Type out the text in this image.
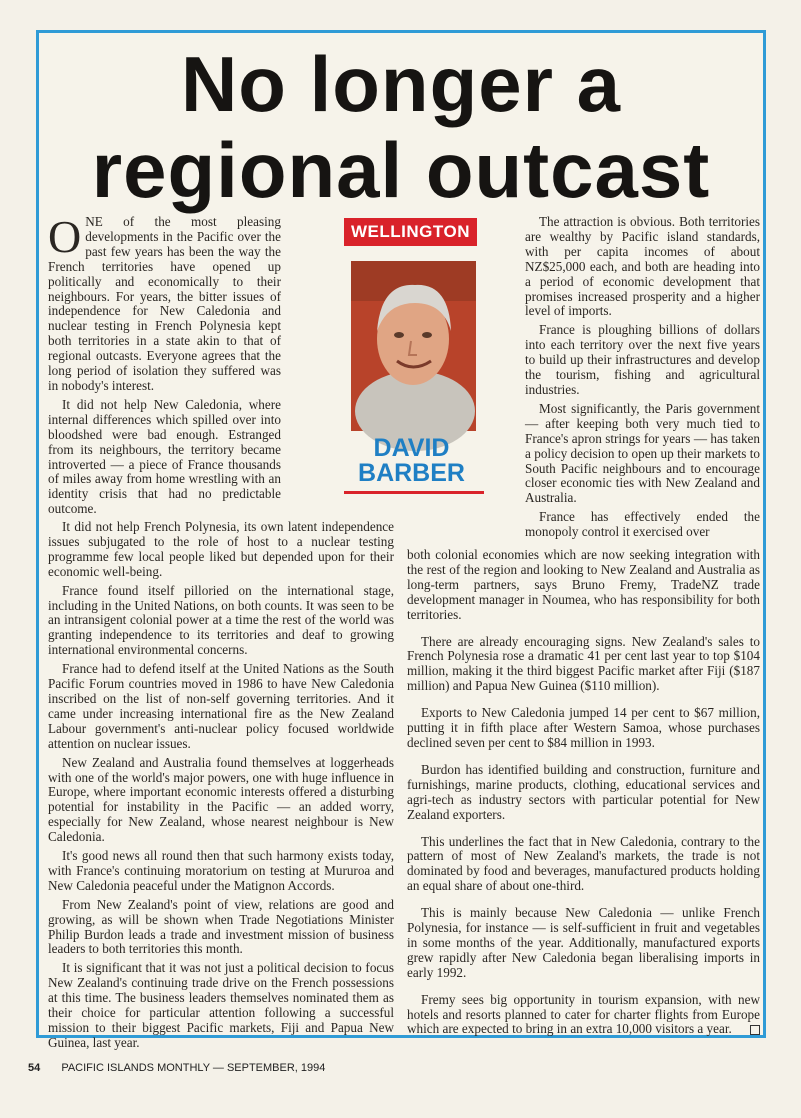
No longer a
regional outcast

ONE of the most pleasing developments in the Pacific over the past few years has been the way the French territories have opened up politically and economically to their neighbours. For years, the bitter issues of independence for New Caledonia and nuclear testing in French Polynesia kept both territories in a state akin to that of regional outcasts. Everyone agrees that the long period of isolation they suffered was in nobody's interest.

It did not help New Caledonia, where internal differences which spilled over into bloodshed were bad enough. Estranged from its neighbours, the territory became introverted — a piece of France thousands of miles away from home wrestling with an identity crisis that had no predictable outcome.

It did not help French Polynesia, its own latent independence issues subjugated to the role of host to a nuclear testing programme few local people liked but depended upon for their economic well-being.

France found itself pilloried on the international stage, including in the United Nations, on both counts. It was seen to be an intransigent colonial power at a time the rest of the world was granting independence to its territories and deaf to growing international environmental concerns.

France had to defend itself at the United Nations as the South Pacific Forum countries moved in 1986 to have New Caledonia inscribed on the list of non-self governing territories. And it came under increasing international fire as the New Zealand Labour government's anti-nuclear policy focused worldwide attention on nuclear issues.

New Zealand and Australia found themselves at loggerheads with one of the world's major powers, one with huge influence in Europe, where important economic interests offered a disturbing potential for instability in the Pacific — an added worry, especially for New Zealand, whose nearest neighbour is New Caledonia.

It's good news all round then that such harmony exists today, with France's continuing moratorium on testing at Mururoa and New Caledonia peaceful under the Matignon Accords.

From New Zealand's point of view, relations are good and growing, as will be shown when Trade Negotiations Minister Philip Burdon leads a trade and investment mission of business leaders to both territories this month.

It is significant that it was not just a political decision to focus New Zealand's continuing trade drive on the French possessions at this time. The business leaders themselves nominated them as their choice for particular attention following a successful mission to their biggest Pacific markets, Fiji and Papua New Guinea, last year.

WELLINGTON
DAVID
BARBER

The attraction is obvious. Both territories are wealthy by Pacific island standards, with per capita incomes of about NZ$25,000 each, and both are heading into a period of economic development that promises increased prosperity and a higher level of imports.

France is ploughing billions of dollars into each territory over the next five years to build up their infrastructures and develop the tourism, fishing and agricultural industries.

Most significantly, the Paris government — after keeping both very much tied to France's apron strings for years — has taken a policy decision to open up their markets to South Pacific neighbours and to encourage closer economic ties with New Zealand and Australia.

France has effectively ended the monopoly control it exercised over

both colonial economies which are now seeking integration with the rest of the region and looking to New Zealand and Australia as long-term partners, says Bruno Fremy, TradeNZ trade development manager in Noumea, who has responsibility for both territories.

There are already encouraging signs. New Zealand's sales to French Polynesia rose a dramatic 41 per cent last year to top $104 million, making it the third biggest Pacific market after Fiji ($187 million) and Papua New Guinea ($110 million).

Exports to New Caledonia jumped 14 per cent to $67 million, putting it in fifth place after Western Samoa, whose purchases declined seven per cent to $84 million in 1993.

Burdon has identified building and construction, furniture and furnishings, marine products, clothing, educational services and agri-tech as industry sectors with particular potential for New Zealand exporters.

This underlines the fact that in New Caledonia, contrary to the pattern of most of New Zealand's markets, the trade is not dominated by food and beverages, manufactured products holding an equal share of about one-third.

This is mainly because New Caledonia — unlike French Polynesia, for instance — is self-sufficient in fruit and vegetables in some months of the year. Additionally, manufactured exports grew rapidly after New Caledonia began liberalising imports in early 1992.

Fremy sees big opportunity in tourism expansion, with new hotels and resorts planned to cater for charter flights from Europe which are expected to bring in an extra 10,000 visitors a year.

54 PACIFIC ISLANDS MONTHLY — SEPTEMBER, 1994
